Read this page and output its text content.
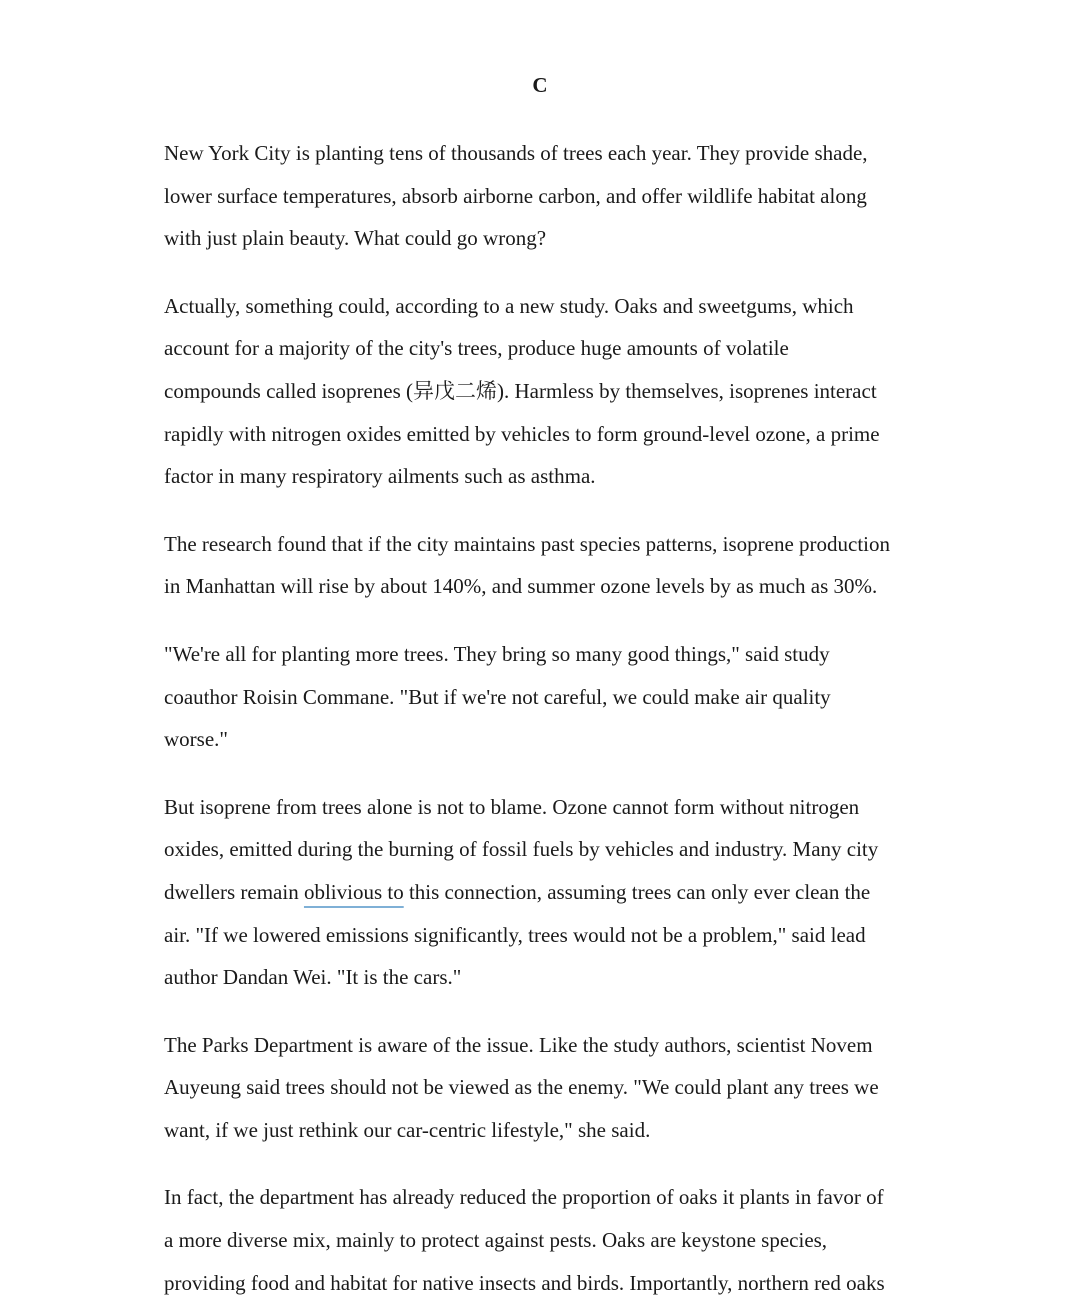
C

New York City is planting tens of thousands of trees each year. They provide shade,
lower surface temperatures, absorb airborne carbon, and offer wildlife habitat along
with just plain beauty. What could go wrong?

Actually, something could, according to a new study. Oaks and sweetgums, which
account for a majority of the city's trees, produce huge amounts of volatile
compounds called isoprenes (异戊二烯). Harmless by themselves, isoprenes interact
rapidly with nitrogen oxides emitted by vehicles to form ground-level ozone, a prime
factor in many respiratory ailments such as asthma.

The research found that if the city maintains past species patterns, isoprene production
in Manhattan will rise by about 140%, and summer ozone levels by as much as 30%.

"We're all for planting more trees. They bring so many good things," said study
coauthor Roisin Commane. "But if we're not careful, we could make air quality
worse."

But isoprene from trees alone is not to blame. Ozone cannot form without nitrogen
oxides, emitted during the burning of fossil fuels by vehicles and industry. Many city
dwellers remain oblivious to this connection, assuming trees can only ever clean the
air. "If we lowered emissions significantly, trees would not be a problem," said lead
author Dandan Wei. "It is the cars."

The Parks Department is aware of the issue. Like the study authors, scientist Novem
Auyeung said trees should not be viewed as the enemy. "We could plant any trees we
want, if we just rethink our car-centric lifestyle," she said.

In fact, the department has already reduced the proportion of oaks it plants in favor of
a more diverse mix, mainly to protect against pests. Oaks are keystone species,
providing food and habitat for native insects and birds. Importantly, northern red oaks
